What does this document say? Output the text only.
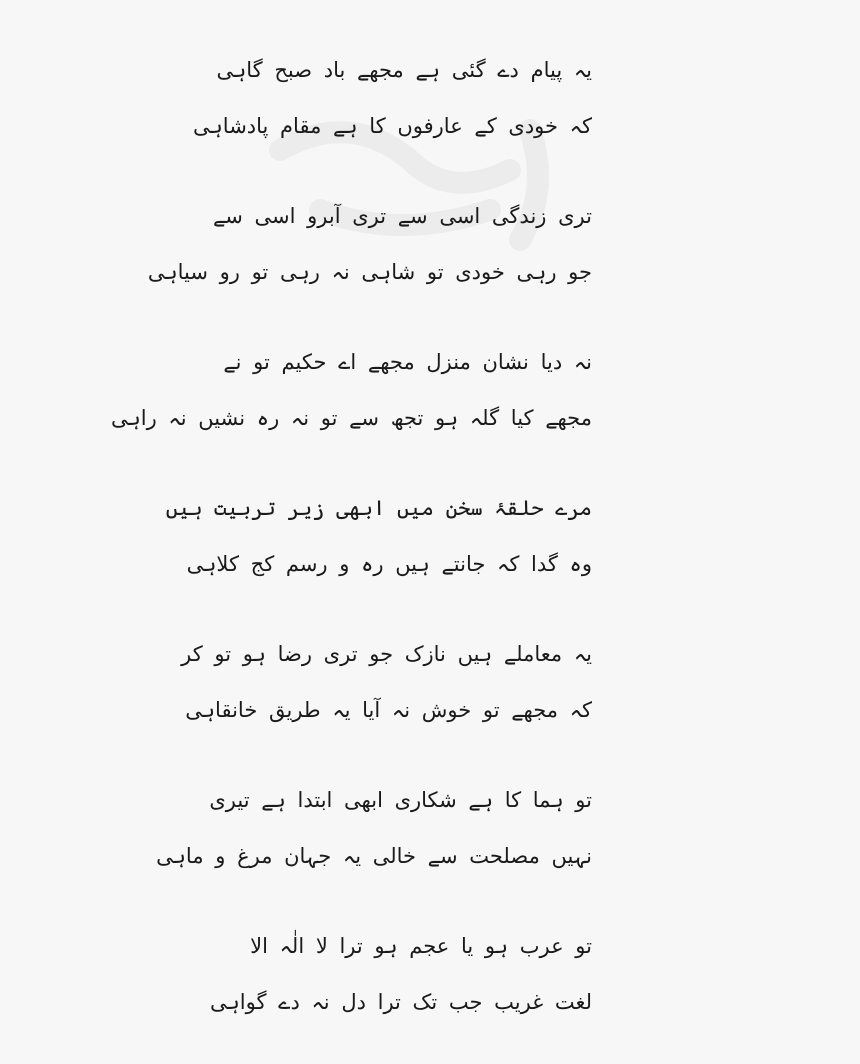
یہ پیام دے گئی ہے مجھے باد صبح گاہی
کہ خودی کے عارفوں کا ہے مقام پادشاہی
تری زندگی اسی سے تری آبرو اسی سے
جو رہی خودی تو شاہی نہ رہی تو رو سیاہی
نہ دیا نشان منزل مجھے اے حکیم تو نے
مجھے کیا گلہ ہو تجھ سے تو نہ رہ نشیں نہ راہی
مرے حلقۂ سخن میں ابھی زیر تربیت ہیں
وہ گدا کہ جانتے ہیں رہ و رسم کج کلاہی
یہ معاملے ہیں نازک جو تری رضا ہو تو کر
کہ مجھے تو خوش نہ آیا یہ طریق خانقاہی
تو ہما کا ہے شکاری ابھی ابتدا ہے تیری
نہیں مصلحت سے خالی یہ جہان مرغ و ماہی
تو عرب ہو یا عجم ہو ترا لا الٰہ الا
لغت غریب جب تک ترا دل نہ دے گواہی
